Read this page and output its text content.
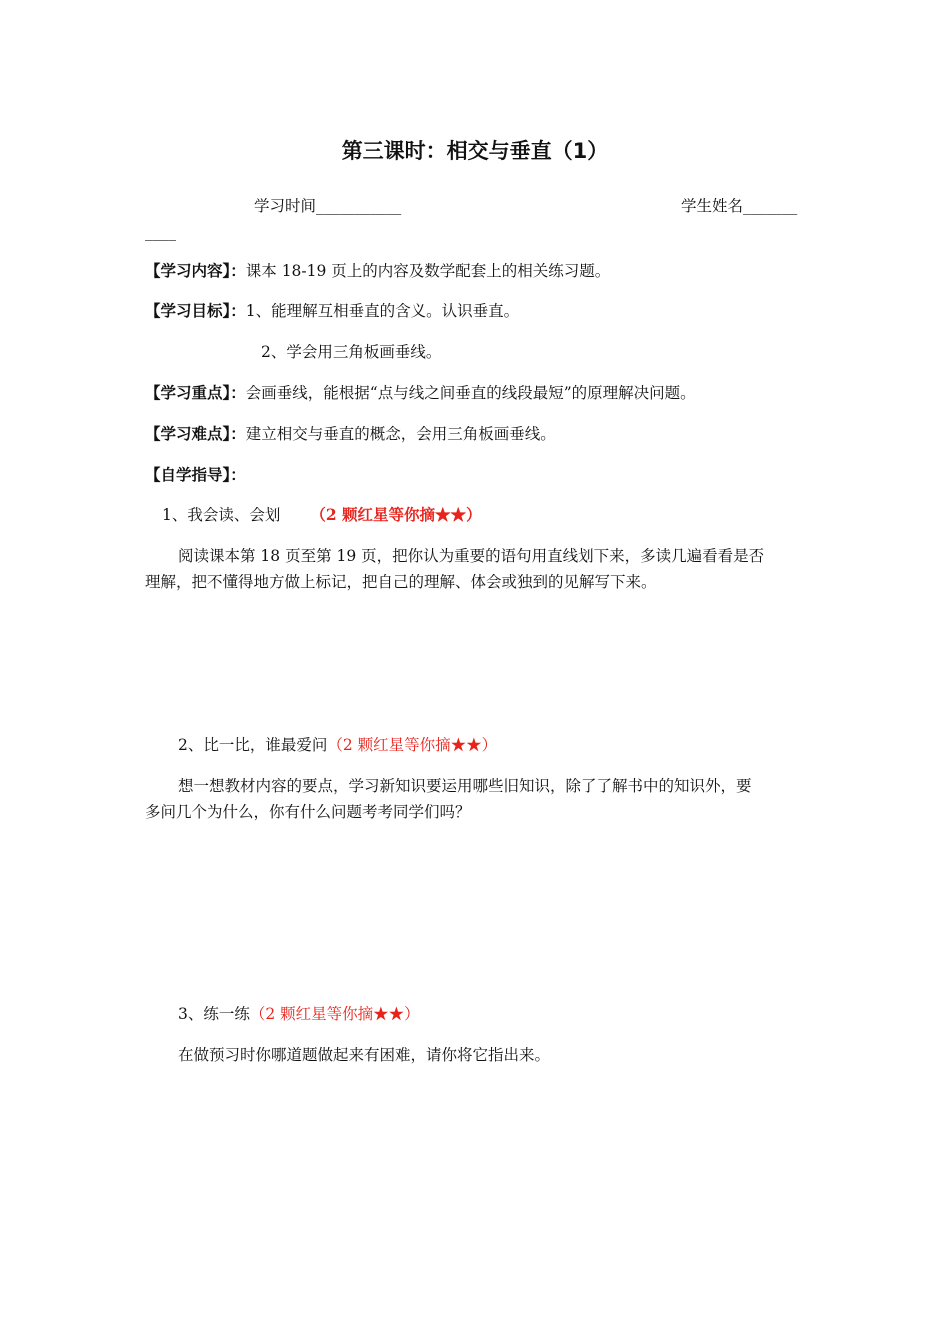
第三课时：相交与垂直（1）
学习时间___________	学生姓名_______
____
【学习内容】：课本 18-19 页上的内容及数学配套上的相关练习题。
【学习目标】：1、能理解互相垂直的含义。认识垂直。
2、学会用三角板画垂线。
【学习重点】：会画垂线，能根据“点与线之间垂直的线段最短”的原理解决问题。
【学习难点】：建立相交与垂直的概念，会用三角板画垂线。
【自学指导】：
1、我会读、会划 （2 颗红星等你摘★★）
阅读课本第 18 页至第 19 页，把你认为重要的语句用直线划下来，多读几遍看看是否
理解，把不懂得地方做上标记，把自己的理解、体会或独到的见解写下来。
2、比一比，谁最爱问（2 颗红星等你摘★★）
想一想教材内容的要点，学习新知识要运用哪些旧知识，除了了解书中的知识外，要
多问几个为什么，你有什么问题考考同学们吗？
3、练一练（2 颗红星等你摘★★）
在做预习时你哪道题做起来有困难，请你将它指出来。
